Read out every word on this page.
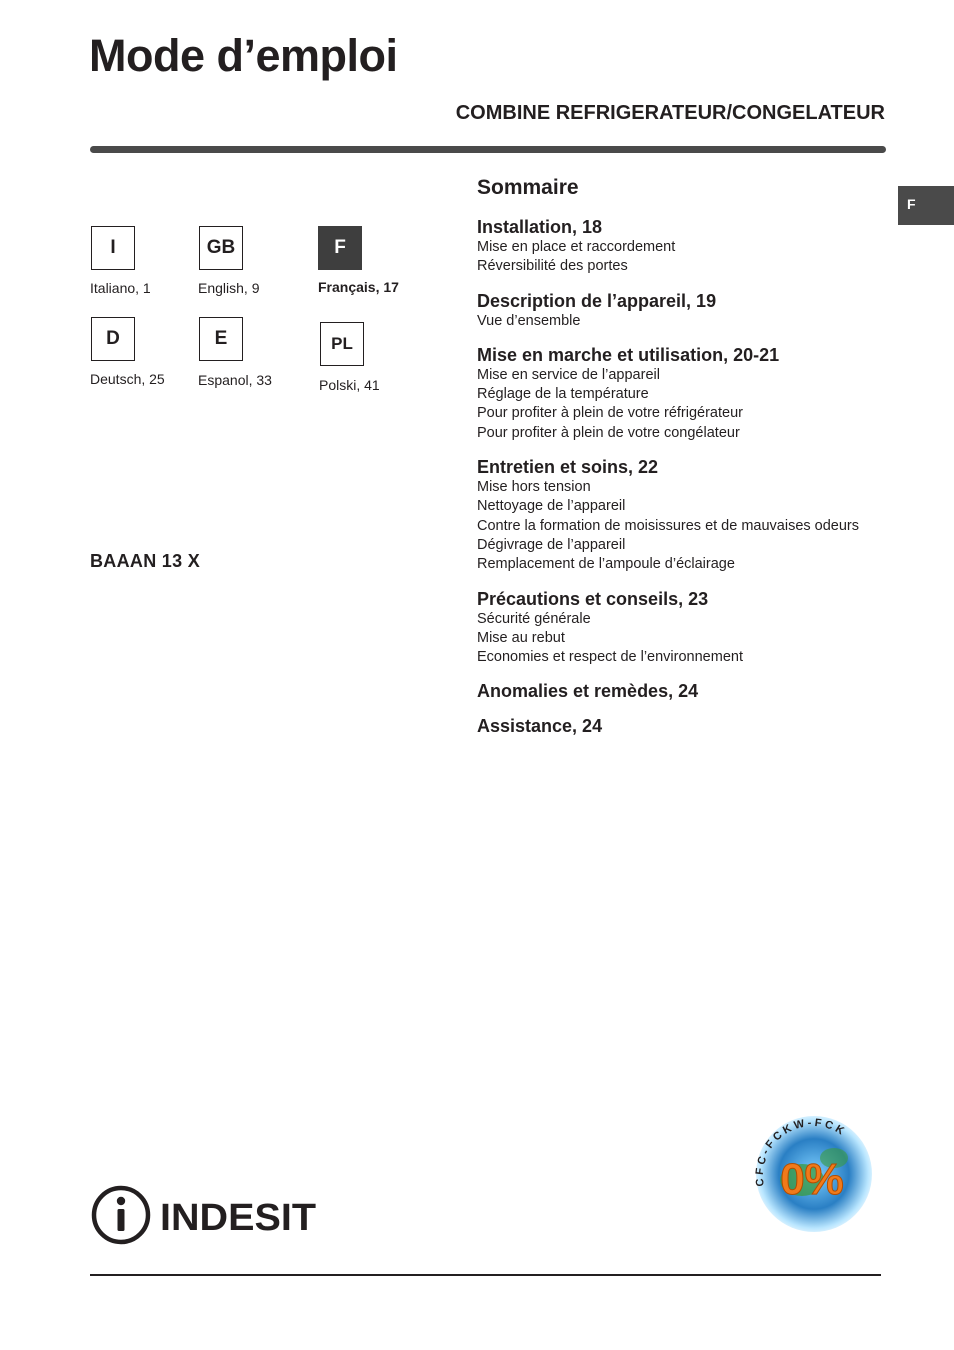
Mode d’emploi
COMBINE REFRIGERATEUR/CONGELATEUR
F
I
Italiano, 1
GB
English, 9
F
Français, 17
D
Deutsch, 25
E
Espanol, 33
PL
Polski, 41
BAAAN 13 X
Sommaire
Installation, 18
Mise en place et raccordement
Réversibilité des portes
Description de l’appareil, 19
Vue d’ensemble
Mise en marche et utilisation, 20-21
Mise en service de l’appareil
Réglage de la température
Pour profiter à plein de votre réfrigérateur
Pour profiter à plein de votre congélateur
Entretien et soins, 22
Mise hors tension
Nettoyage de l’appareil
Contre la formation de moisissures et de mauvaises odeurs
Dégivrage de l’appareil
Remplacement de l’ampoule d’éclairage
Précautions et conseils, 23
Sécurité générale
Mise au rebut
Economies et respect de l’environnement
Anomalies et remèdes, 24
Assistance, 24
INDESIT
CFC-FCKW-FCK
0%
